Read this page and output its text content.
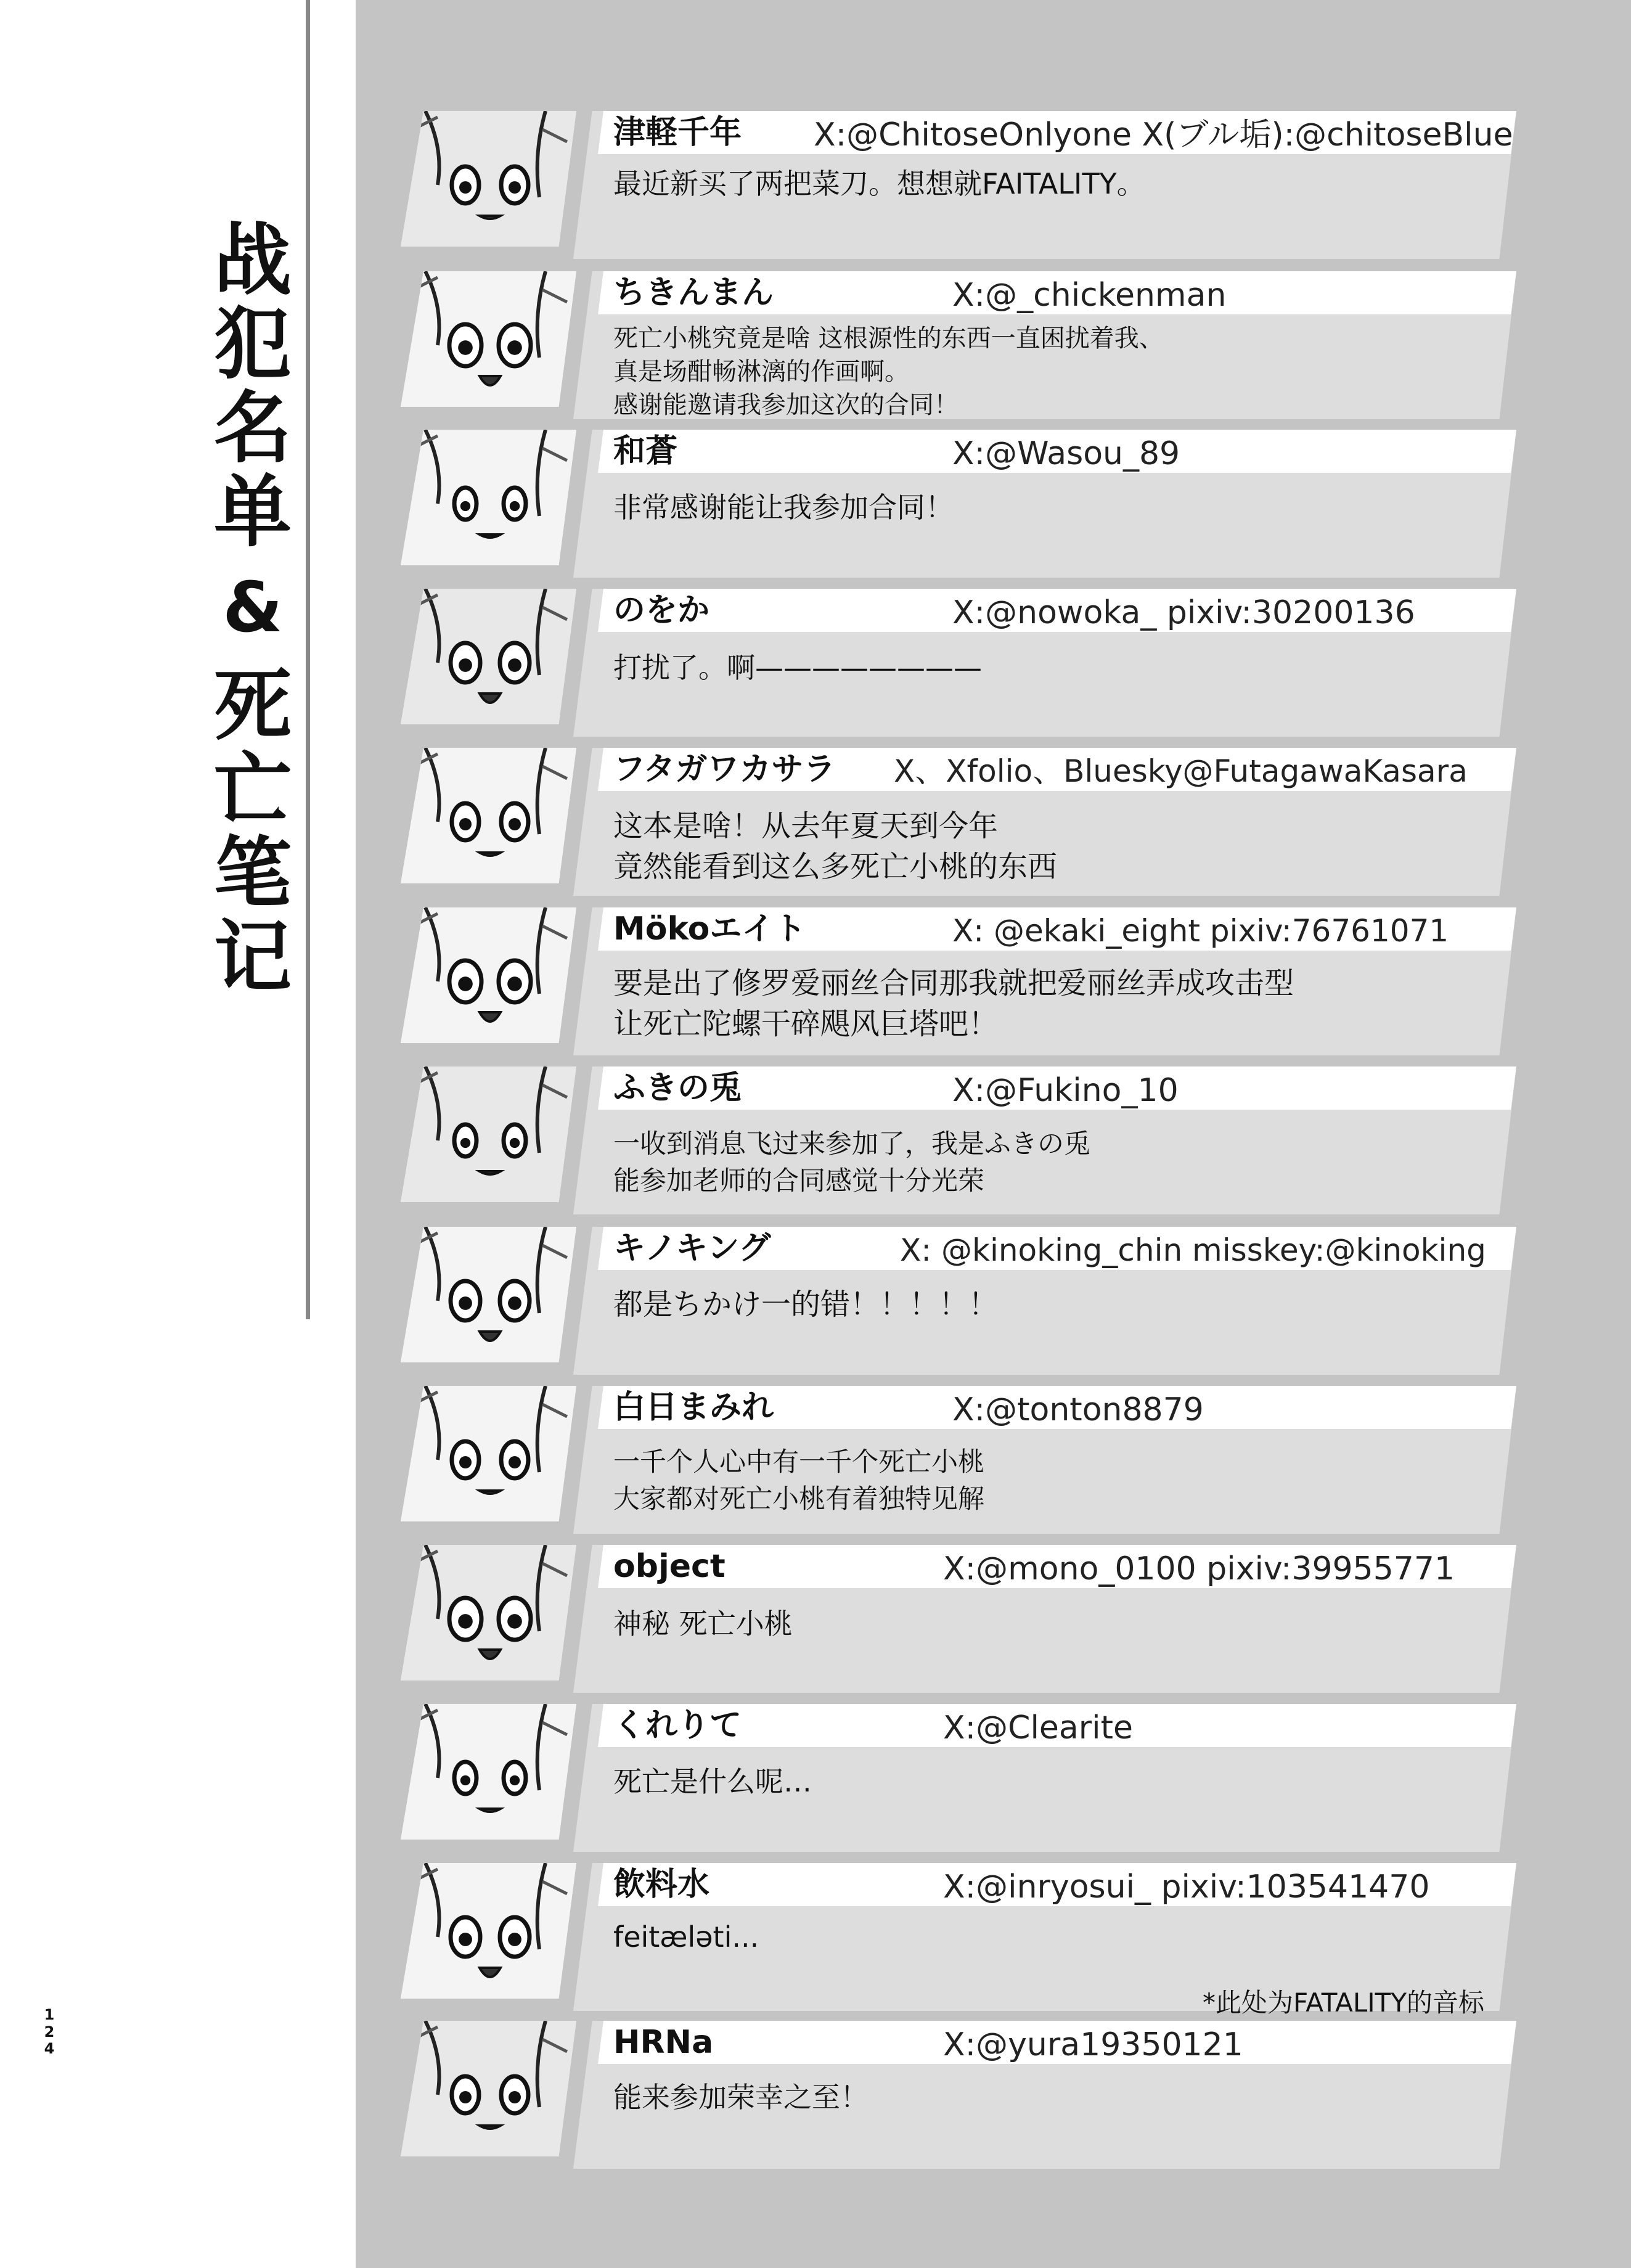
战
犯
名
单
&
死
亡
笔
记
1
2
4
津軽千年 X:@ChitoseOnlyone X(ブル垢):@chitoseBlue
最近新买了两把菜刀。想想就FAITALITY。
ちきんまん	X:@_chickenman
死亡小桃究竟是啥 这根源性的东西一直困扰着我、
真是场酣畅淋漓的作画啊。
感谢能邀请我参加这次的合同！
和蒼	X:@Wasou_89
非常感谢能让我参加合同！
のをか	X:@nowoka_ pixiv:30200136
打扰了。啊————————
フタガワカサラ X、Xfolio、Bluesky@FutagawaKasara
这本是啥！从去年夏天到今年
竟然能看到这么多死亡小桃的东西
Mökoエイト	X: @ekaki_eight pixiv:76761071
要是出了修罗爱丽丝合同那我就把爱丽丝弄成攻击型
让死亡陀螺干碎飓风巨塔吧！
ふきの兎	X:@Fukino_10
一收到消息飞过来参加了，我是ふきの兎
能参加老师的合同感觉十分光荣
キノキング	X: @kinoking_chin misskey:@kinoking
都是ちかけ一的错！！！！！
白日まみれ	X:@tonton8879
一千个人心中有一千个死亡小桃
大家都对死亡小桃有着独特见解
object	X:@mono_0100 pixiv:39955771
神秘 死亡小桃
くれりて	X:@Clearite
死亡是什么呢…
飲料水	X:@inryosui_ pixiv:103541470
feitæləti...
*此处为FATALITY的音标
HRNa	X:@yura19350121
能来参加荣幸之至！
